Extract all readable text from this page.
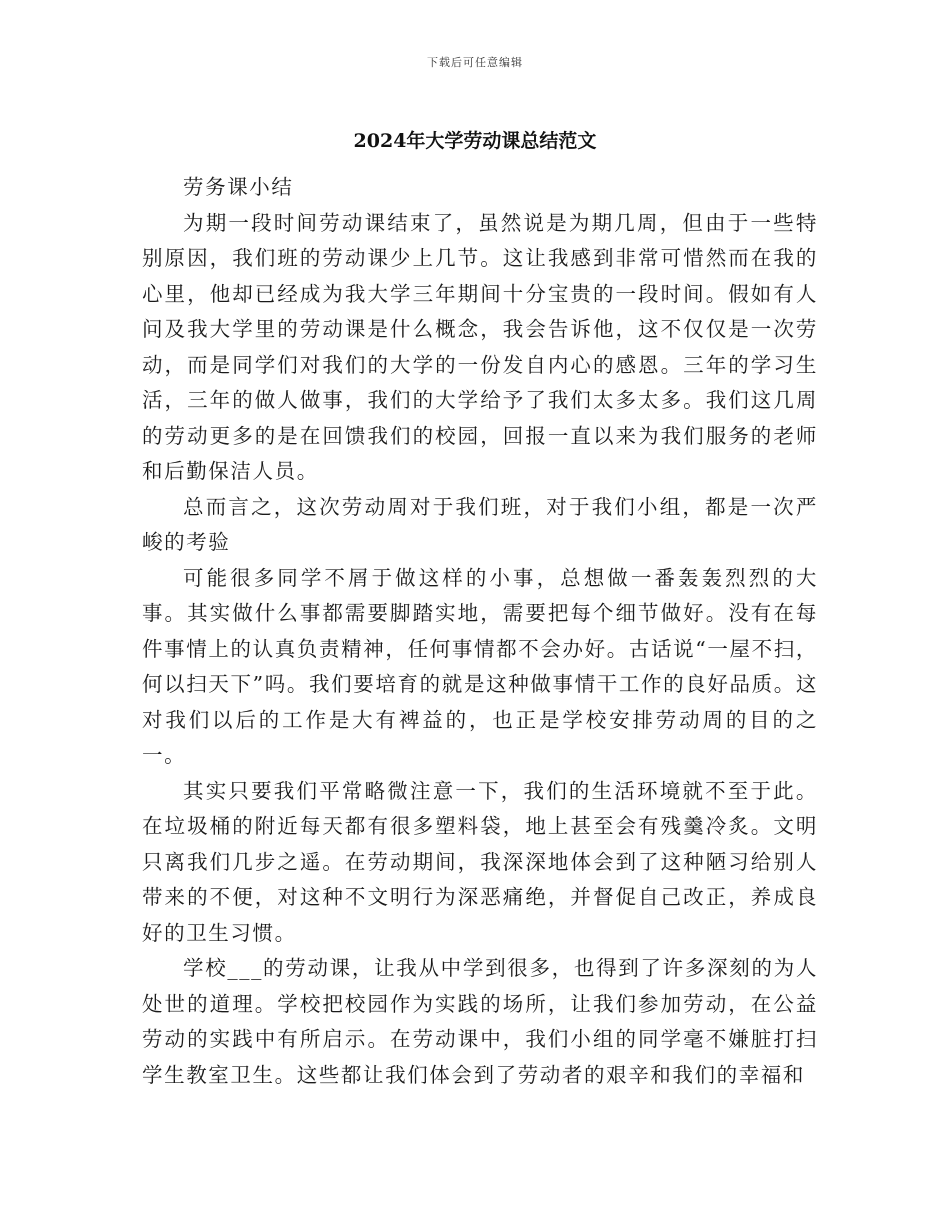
下载后可任意编辑
2024年大学劳动课总结范文

劳务课小结

为期一段时间劳动课结束了，虽然说是为期几周，但由于一些特别原因，我们班的劳动课少上几节。这让我感到非常可惜然而在我的心里，他却已经成为我大学三年期间十分宝贵的一段时间。假如有人问及我大学里的劳动课是什么概念，我会告诉他，这不仅仅是一次劳动，而是同学们对我们的大学的一份发自内心的感恩。三年的学习生活，三年的做人做事，我们的大学给予了我们太多太多。我们这几周的劳动更多的是在回馈我们的校园，回报一直以来为我们服务的老师和后勤保洁人员。

总而言之，这次劳动周对于我们班，对于我们小组，都是一次严峻的考验

可能很多同学不屑于做这样的小事，总想做一番轰轰烈烈的大事。其实做什么事都需要脚踏实地，需要把每个细节做好。没有在每件事情上的认真负责精神，任何事情都不会办好。古话说“一屋不扫，何以扫天下”吗。我们要培育的就是这种做事情干工作的良好品质。这对我们以后的工作是大有裨益的，也正是学校安排劳动周的目的之一。

其实只要我们平常略微注意一下，我们的生活环境就不至于此。在垃圾桶的附近每天都有很多塑料袋，地上甚至会有残羹冷炙。文明只离我们几步之遥。在劳动期间，我深深地体会到了这种陋习给别人带来的不便，对这种不文明行为深恶痛绝，并督促自己改正，养成良好的卫生习惯。

学校___的劳动课，让我从中学到很多，也得到了许多深刻的为人处世的道理。学校把校园作为实践的场所，让我们参加劳动，在公益劳动的实践中有所启示。在劳动课中，我们小组的同学毫不嫌脏打扫学生教室卫生。这些都让我们体会到了劳动者的艰辛和我们的幸福和
